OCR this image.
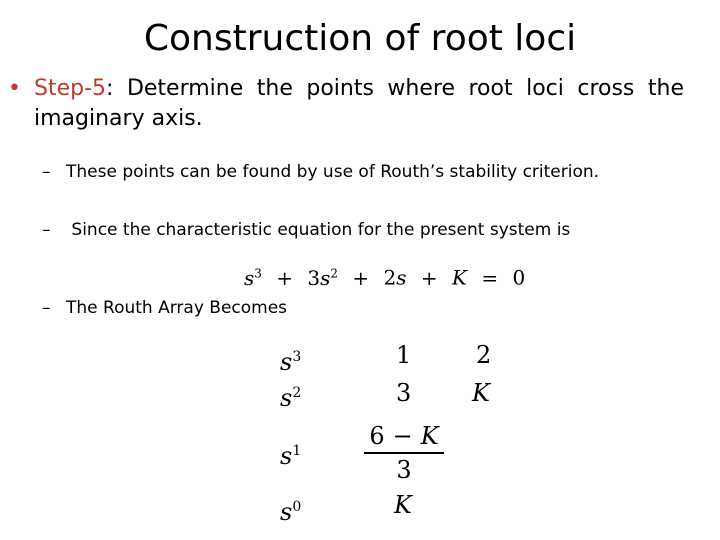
Construction of root loci
• Step-5: Determine the points where root loci cross the
imaginary axis.
– These points can be found by use of Routh’s stability criterion.
– Since the characteristic equation for the present system is
$s^3 + 3s^2 + 2s + K = 0$
– The Routh Array Becomes
$s^3$
$s^2$
$s^1$
$s^0$
1
3
6 − K
3
K
2
K
